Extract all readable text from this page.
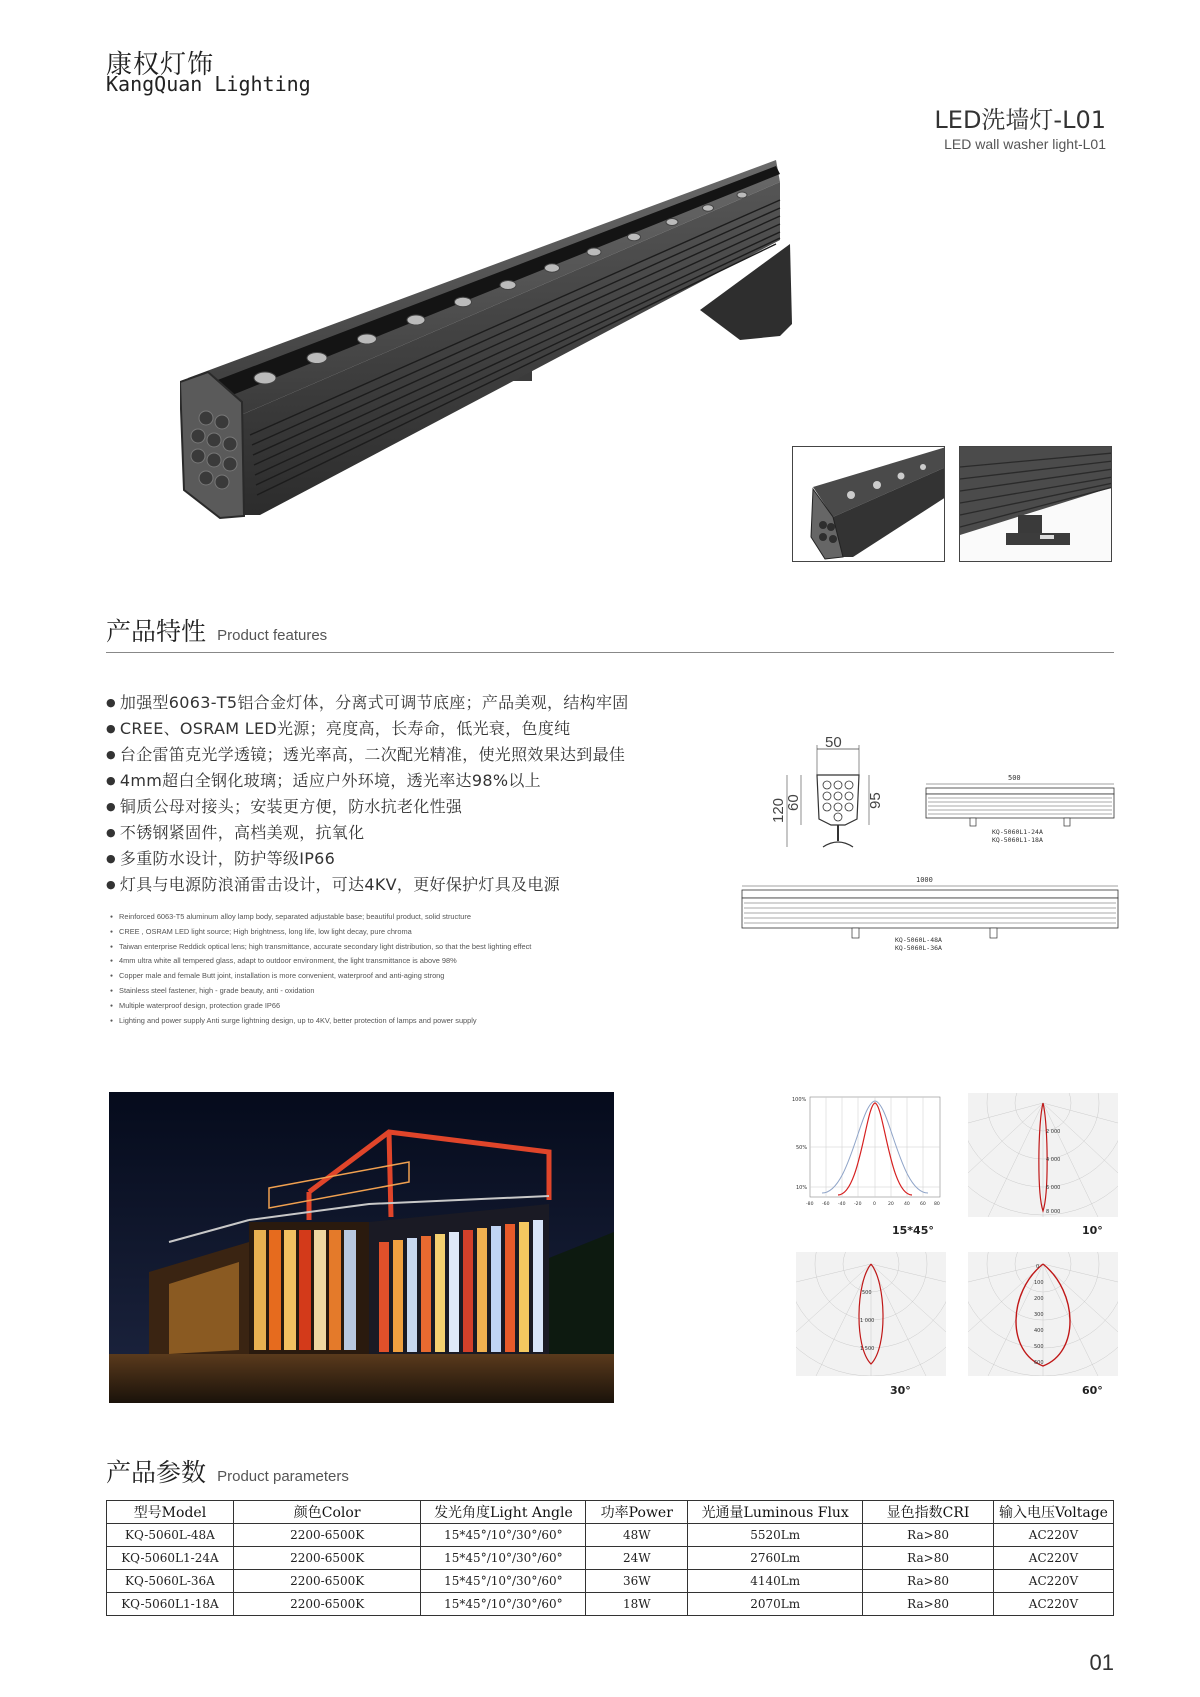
康权灯饰
KangQuan Lighting
LED洗墙灯-L01
LED wall washer light-L01
产品特性 Product features
● 加强型6063-T5铝合金灯体，分离式可调节底座；产品美观，结构牢固
● CREE、OSRAM LED光源；亮度高，长寿命，低光衰，色度纯
● 台企雷笛克光学透镜；透光率高，二次配光精准，使光照效果达到最佳
● 4mm超白全钢化玻璃；适应户外环境，透光率达98%以上
● 铜质公母对接头；安装更方便，防水抗老化性强
● 不锈钢紧固件，高档美观，抗氧化
● 多重防水设计，防护等级IP66
● 灯具与电源防浪涌雷击设计，可达4KV，更好保护灯具及电源
● Reinforced 6063-T5 aluminum alloy lamp body, separated adjustable base; beautiful product, solid structure
● CREE , OSRAM LED light source; High brightness, long life, low light decay, pure chroma
● Taiwan enterprise Reddick optical lens; high transmittance, accurate secondary light distribution, so that the best lighting effect
● 4mm ultra white all tempered glass, adapt to outdoor environment, the light transmittance is above 98%
● Copper male and female Butt joint, installation is more convenient, waterproof and anti-aging strong
● Stainless steel fastener, high - grade beauty, anti - oxidation
● Multiple waterproof design, protection grade IP66
● Lighting and power supply Anti surge lightning design, up to 4KV, better protection of lamps and power supply
50
120
60	95
500
KQ-5060L1-24A
KQ-5060L1-18A
1000
KQ-5060L-48A
KQ-5060L-36A
100%
50%
10%
-80 -60 -40 -20 0	20 40 60 80
15*45°
2 000
4 000
6 000
8 000
10°
500
1 000
1 500
30°
0
100
200
300
400
500
600
60°
产品参数 Product parameters
型号Model	颜色Color	发光角度Light Angle	功率Power	光通量Luminous Flux	显色指数CRI	输入电压Voltage
KQ-5060L-48A	2200-6500K	15*45°/10°/30°/60°	48W	5520Lm	Ra>80	AC220V
KQ-5060L1-24A	2200-6500K	15*45°/10°/30°/60°	24W	2760Lm	Ra>80	AC220V
KQ-5060L-36A	2200-6500K	15*45°/10°/30°/60°	36W	4140Lm	Ra>80	AC220V
KQ-5060L1-18A	2200-6500K	15*45°/10°/30°/60°	18W	2070Lm	Ra>80	AC220V
01
